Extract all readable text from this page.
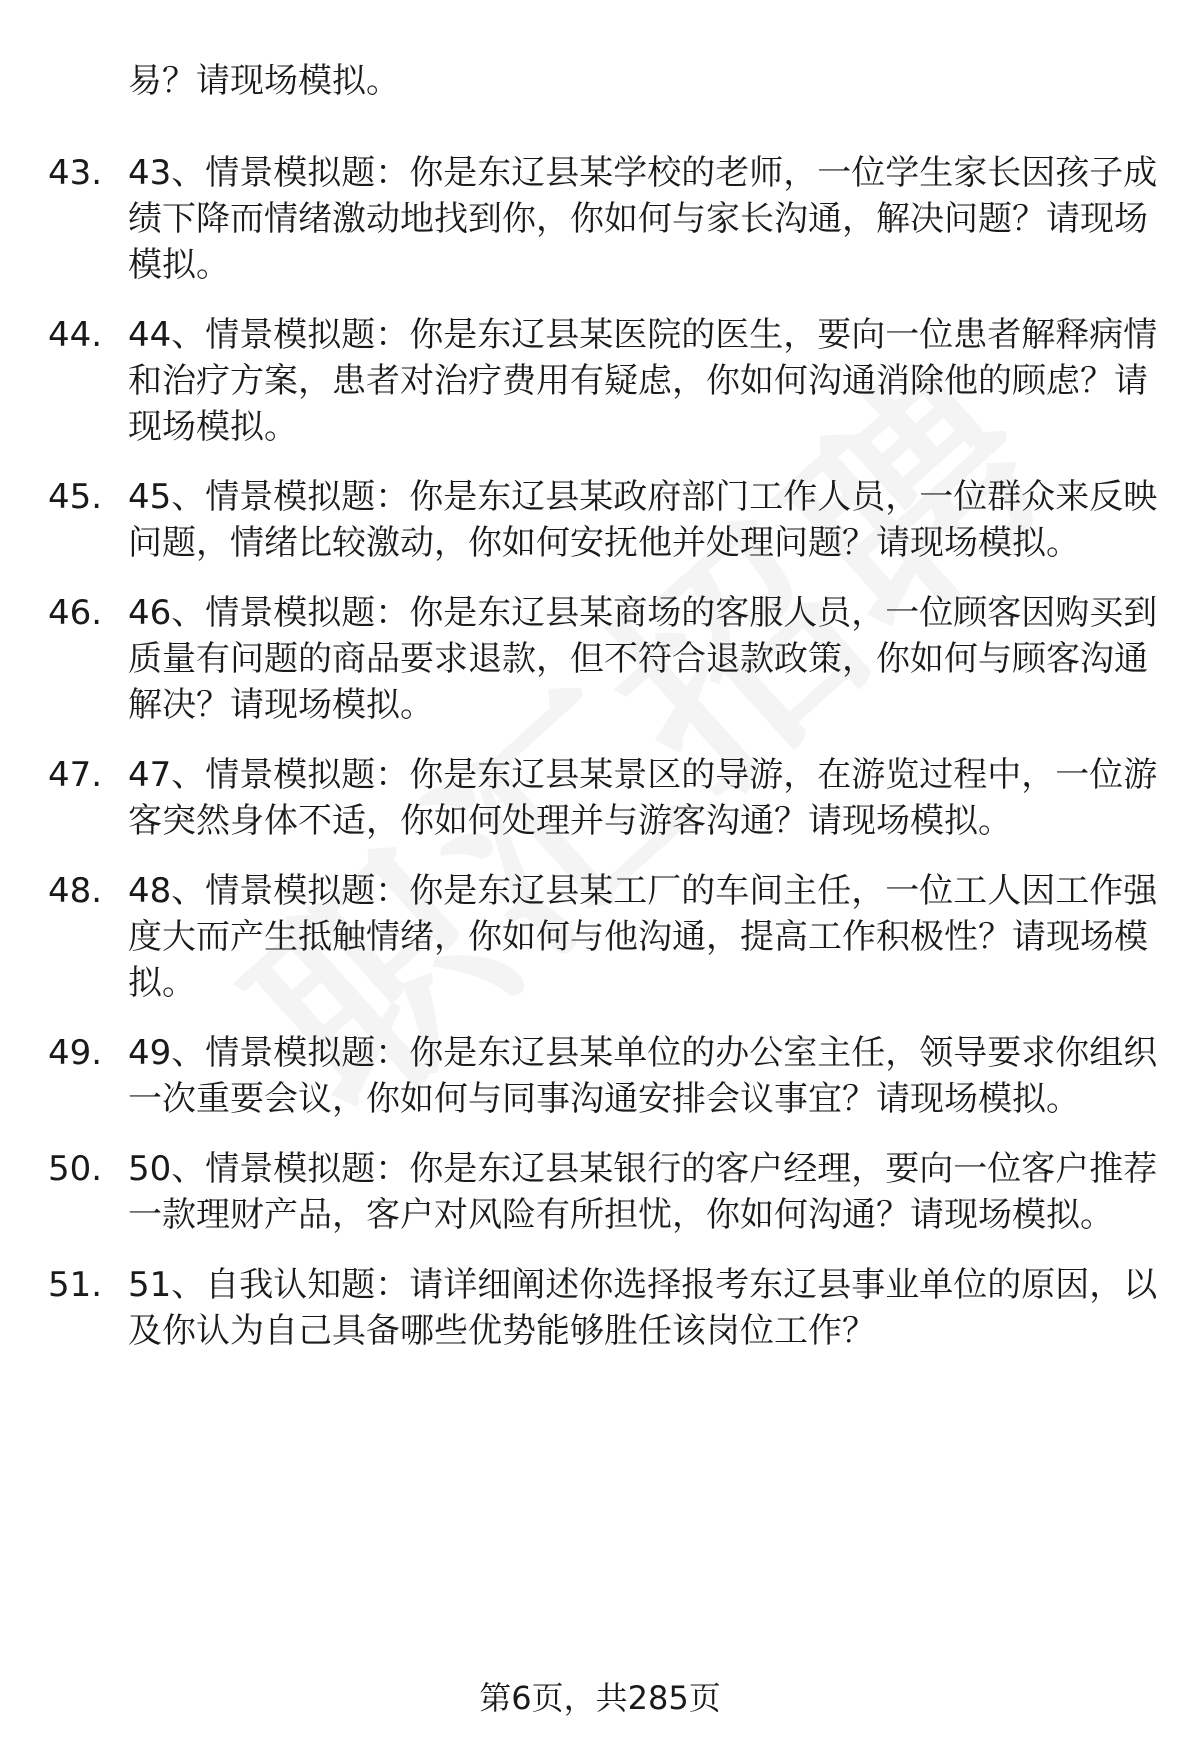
易？请现场模拟。
43. 43、情景模拟题：你是东辽县某学校的老师，一位学生家长因孩子成绩下降而情绪激动地找到你，你如何与家长沟通，解决问题？请现场模拟。
44. 44、情景模拟题：你是东辽县某医院的医生，要向一位患者解释病情和治疗方案，患者对治疗费用有疑虑，你如何沟通消除他的顾虑？请现场模拟。
45. 45、情景模拟题：你是东辽县某政府部门工作人员，一位群众来反映问题，情绪比较激动，你如何安抚他并处理问题？请现场模拟。
46. 46、情景模拟题：你是东辽县某商场的客服人员，一位顾客因购买到质量有问题的商品要求退款，但不符合退款政策，你如何与顾客沟通解决？请现场模拟。
47. 47、情景模拟题：你是东辽县某景区的导游，在游览过程中，一位游客突然身体不适，你如何处理并与游客沟通？请现场模拟。
48. 48、情景模拟题：你是东辽县某工厂的车间主任，一位工人因工作强度大而产生抵触情绪，你如何与他沟通，提高工作积极性？请现场模拟。
49. 49、情景模拟题：你是东辽县某单位的办公室主任，领导要求你组织一次重要会议，你如何与同事沟通安排会议事宜？请现场模拟。
50. 50、情景模拟题：你是东辽县某银行的客户经理，要向一位客户推荐一款理财产品，客户对风险有所担忧，你如何沟通？请现场模拟。
51. 51、自我认知题：请详细阐述你选择报考东辽县事业单位的原因，以及你认为自己具备哪些优势能够胜任该岗位工作？
第6页，共285页
